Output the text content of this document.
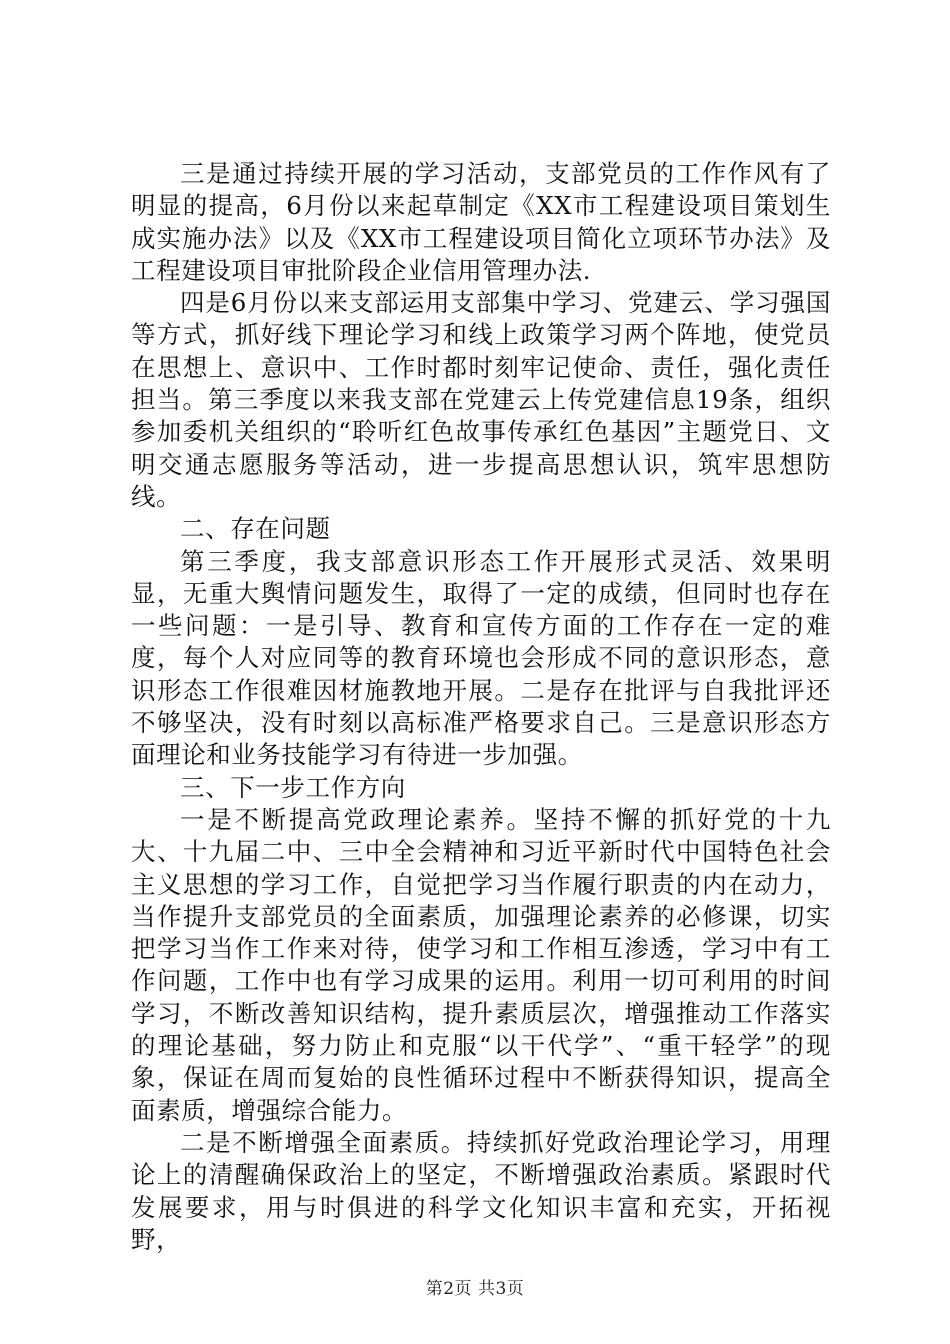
三是通过持续开展的学习活动，支部党员的工作作风有了明显的提高，6月份以来起草制定《XX市工程建设项目策划生成实施办法》以及《XX市工程建设项目简化立项环节办法》及工程建设项目审批阶段企业信用管理办法.

四是6月份以来支部运用支部集中学习、党建云、学习强国等方式，抓好线下理论学习和线上政策学习两个阵地，使党员在思想上、意识中、工作时都时刻牢记使命、责任，强化责任担当。第三季度以来我支部在党建云上传党建信息19条，组织参加委机关组织的“聆听红色故事传承红色基因”主题党日、文明交通志愿服务等活动，进一步提高思想认识，筑牢思想防线。

二、存在问题

第三季度，我支部意识形态工作开展形式灵活、效果明显，无重大舆情问题发生，取得了一定的成绩，但同时也存在一些问题：一是引导、教育和宣传方面的工作存在一定的难度，每个人对应同等的教育环境也会形成不同的意识形态，意识形态工作很难因材施教地开展。二是存在批评与自我批评还不够坚决，没有时刻以高标准严格要求自己。三是意识形态方面理论和业务技能学习有待进一步加强。

三、下一步工作方向

一是不断提高党政理论素养。坚持不懈的抓好党的十九大、十九届二中、三中全会精神和习近平新时代中国特色社会主义思想的学习工作，自觉把学习当作履行职责的内在动力，当作提升支部党员的全面素质，加强理论素养的必修课，切实把学习当作工作来对待，使学习和工作相互渗透，学习中有工作问题，工作中也有学习成果的运用。利用一切可利用的时间学习，不断改善知识结构，提升素质层次，增强推动工作落实的理论基础，努力防止和克服“以干代学”、“重干轻学”的现象，保证在周而复始的良性循环过程中不断获得知识，提高全面素质，增强综合能力。

二是不断增强全面素质。持续抓好党政治理论学习，用理论上的清醒确保政治上的坚定，不断增强政治素质。紧跟时代发展要求，用与时俱进的科学文化知识丰富和充实，开拓视野，

第2页 共3页
